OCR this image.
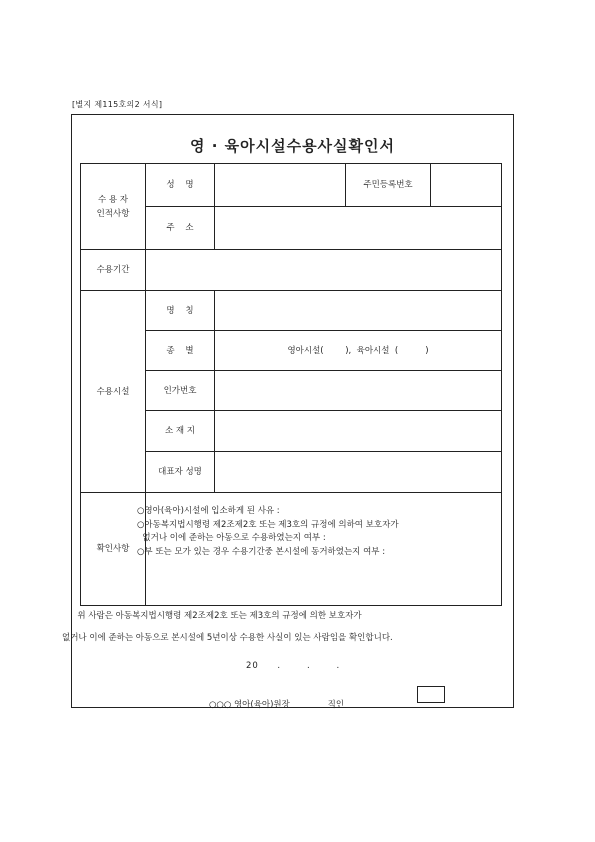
[별지 제115호의2 서식]
영 · 육아시설수용사실확인서
수 용 자
인적사항
성    명	주민등록번호
주    소
수용기간
수용시설
명    칭
종    별	영아시설(        ),  육아시설  (          )
인가번호
소 재 지
대표자 성명
확인사항
○영아(육아)시설에 입소하게 된 사유 :
○아동복지법시행령 제2조제2호 또는 제3호의 규정에 의하여 보호자가
없거나 이에 준하는 아동으로 수용하였는지 여부 :
○부 또는 모가 있는 경우 수용기간중 본시설에 동거하였는지 여부 :
위 사람은 아동복지법시행령 제2조제2호 또는 제3호의 규정에 의한 보호자가
없거나 이에 준하는 아동으로 본시설에 5년이상 수용한 사실이 있는 사람임을 확인합니다.
20     .       .       .
○○○ 영아(육아)원장              직인
